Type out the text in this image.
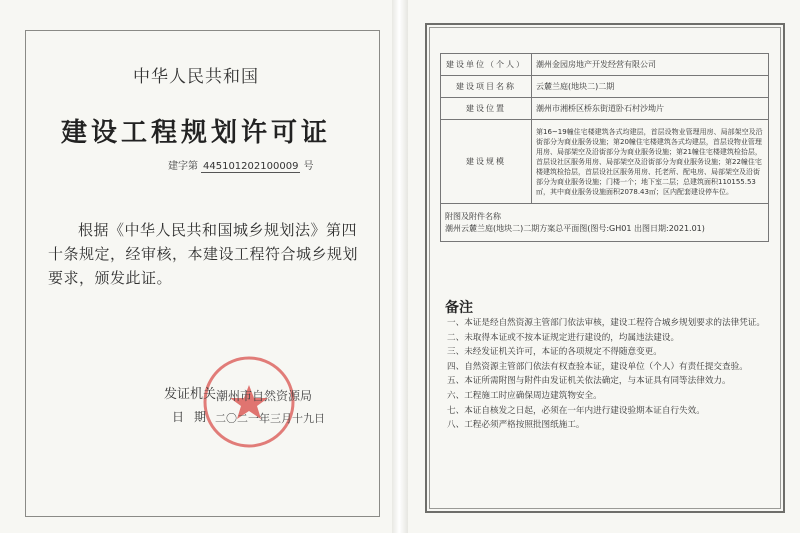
中华人民共和国
建设工程规划许可证
建字第 445101202100009 号
根据《中华人民共和国城乡规划法》第四十条规定，经审核，本建设工程符合城乡规划要求，颁发此证。
发证机关 潮州市自然资源局
日期
二〇二一年三月十九日
建设单位（个人）	潮州金园房地产开发经营有限公司
建设项目名称	云麓兰庭(地块二)二期
建设位置	潮州市湘桥区桥东街道卧石村沙坳片
建设规模	第16~19幢住宅楼建筑各式均建层，首层设物业管理用房、局部架空及沿街部分为商业服务设施；第20幢住宅楼建筑各式均建层，首层设物业管理用房、局部架空及沿街部分为商业服务设施；第21幢住宅楼建筑检拾层，首层设社区服务用房、局部架空及沿街部分为商业服务设施；第22幢住宅楼建筑检拾层，首层设社区服务用房、托老所、配电房、局部架空及沿街部分为商业服务设施；门楼一个；地下室二层；总建筑面积110155.53㎡，其中商业服务设施面积2078.43㎡；区内配套建设停车位。

附图及附件名称
潮州云麓兰庭(地块二)二期方案总平面图(图号:GH01 出图日期:2021.01)	
备注
一、本证是经自然资源主管部门依法审核，建设工程符合城乡规划要求的法律凭证。
二、未取得本证或不按本证规定进行建设的，均属违法建设。
三、未经发证机关许可，本证的各项规定不得随意变更。
四、自然资源主管部门依法有权查验本证，建设单位（个人）有责任提交查验。
五、本证所需附图与附件由发证机关依法确定，与本证具有同等法律效力。
六、工程施工时应确保周边建筑物安全。
七、本证自核发之日起，必须在一年内进行建设验期本证自行失效。
八、工程必须严格按照批图纸施工。
